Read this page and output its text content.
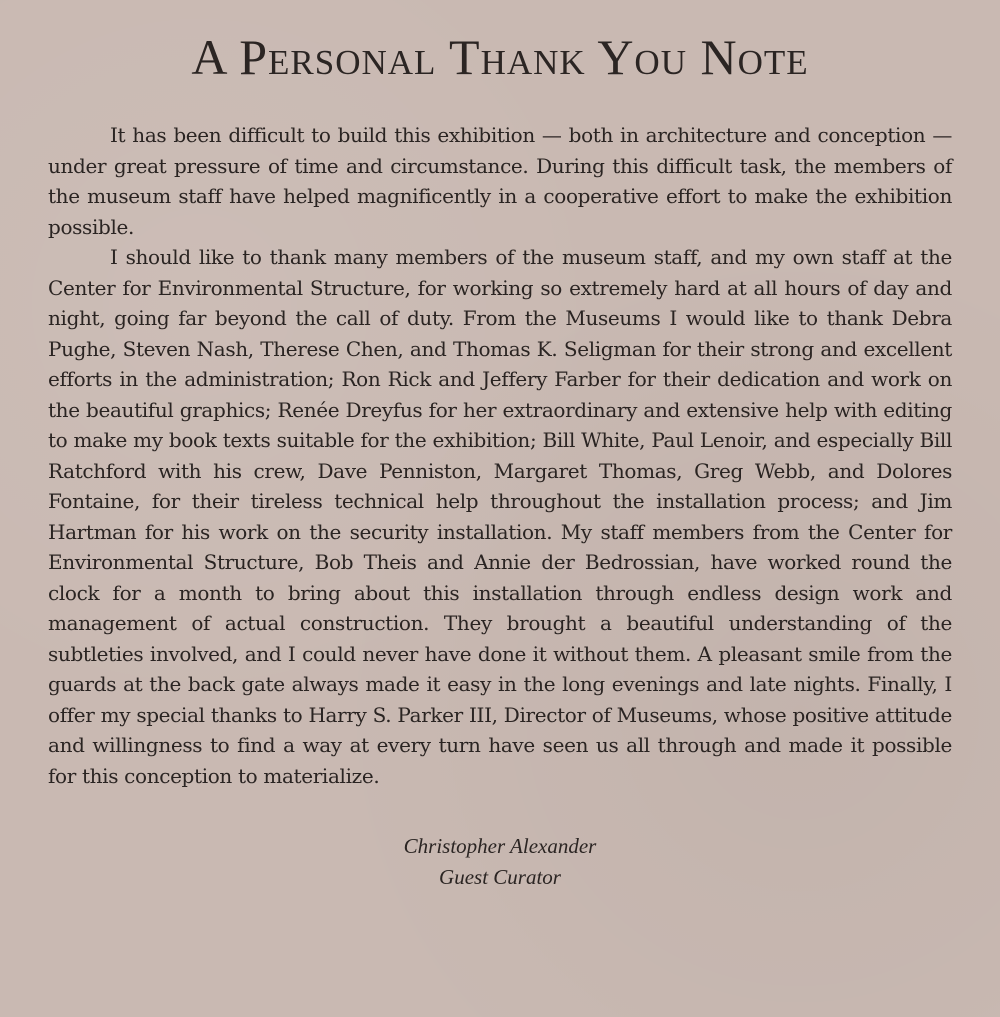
A Personal Thank You Note

It has been difficult to build this exhibition — both in architecture and conception — under great pressure of time and circumstance. During this difficult task, the members of the museum staff have helped magnificently in a cooperative effort to make the exhibition possible.

I should like to thank many members of the museum staff, and my own staff at the Center for Environmental Structure, for working so extremely hard at all hours of day and night, going far beyond the call of duty. From the Museums I would like to thank Debra Pughe, Steven Nash, Therese Chen, and Thomas K. Seligman for their strong and excellent efforts in the administration; Ron Rick and Jeffery Farber for their dedication and work on the beautiful graphics; Renée Dreyfus for her extraordinary and extensive help with editing to make my book texts suitable for the exhibition; Bill White, Paul Lenoir, and especially Bill Ratchford with his crew, Dave Penniston, Margaret Thomas, Greg Webb, and Dolores Fontaine, for their tireless technical help throughout the installation process; and Jim Hartman for his work on the security installation. My staff members from the Center for Environmental Structure, Bob Theis and Annie der Bedrossian, have worked round the clock for a month to bring about this installation through endless design work and management of actual construction. They brought a beautiful understanding of the subtleties involved, and I could never have done it without them. A pleasant smile from the guards at the back gate always made it easy in the long evenings and late nights. Finally, I offer my special thanks to Harry S. Parker III, Director of Museums, whose positive attitude and willingness to find a way at every turn have seen us all through and made it possible for this conception to materialize.

Christopher Alexander
Guest Curator
